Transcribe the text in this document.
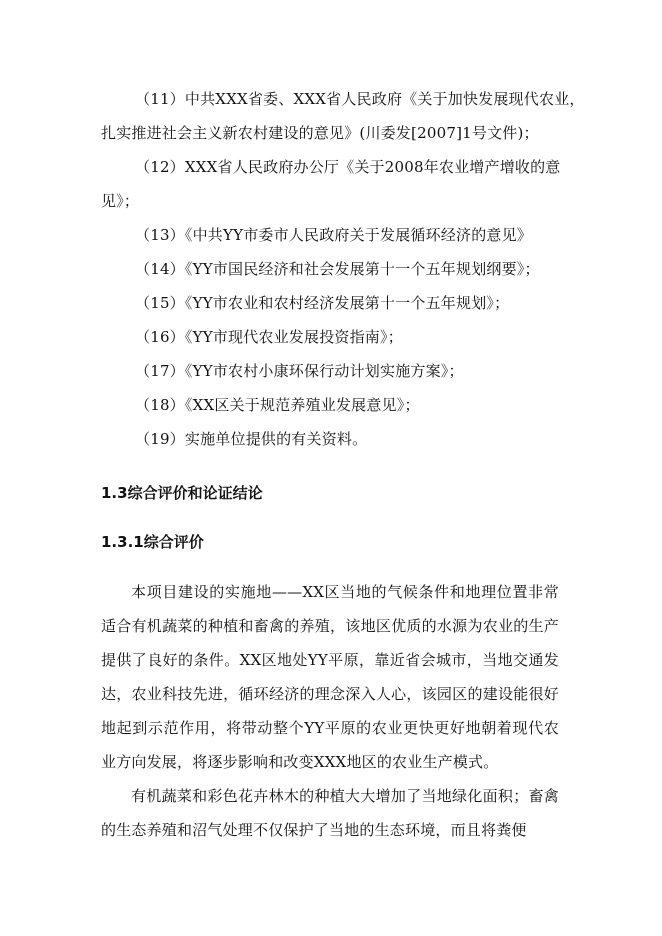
（11）中共XXX省委、XXX省人民政府《关于加快发展现代农业，
扎实推进社会主义新农村建设的意见》(川委发[2007]1号文件)；
（12）XXX省人民政府办公厅《关于2008年农业增产增收的意
见》；
（13）《中共YY市委市人民政府关于发展循环经济的意见》
（14）《YY市国民经济和社会发展第十一个五年规划纲要》；
（15）《YY市农业和农村经济发展第十一个五年规划》；
（16）《YY市现代农业发展投资指南》；
（17）《YY市农村小康环保行动计划实施方案》；
（18）《XX区关于规范养殖业发展意见》；
（19）实施单位提供的有关资料。
1.3综合评价和论证结论
1.3.1综合评价
本项目建设的实施地——XX区当地的气候条件和地理位置非常适合有机蔬菜的种植和畜禽的养殖，该地区优质的水源为农业的生产提供了良好的条件。XX区地处YY平原，靠近省会城市，当地交通发达，农业科技先进，循环经济的理念深入人心，该园区的建设能很好地起到示范作用，将带动整个YY平原的农业更快更好地朝着现代农业方向发展，将逐步影响和改变XXX地区的农业生产模式。
有机蔬菜和彩色花卉林木的种植大大增加了当地绿化面积；畜禽的生态养殖和沼气处理不仅保护了当地的生态环境，而且将粪便
